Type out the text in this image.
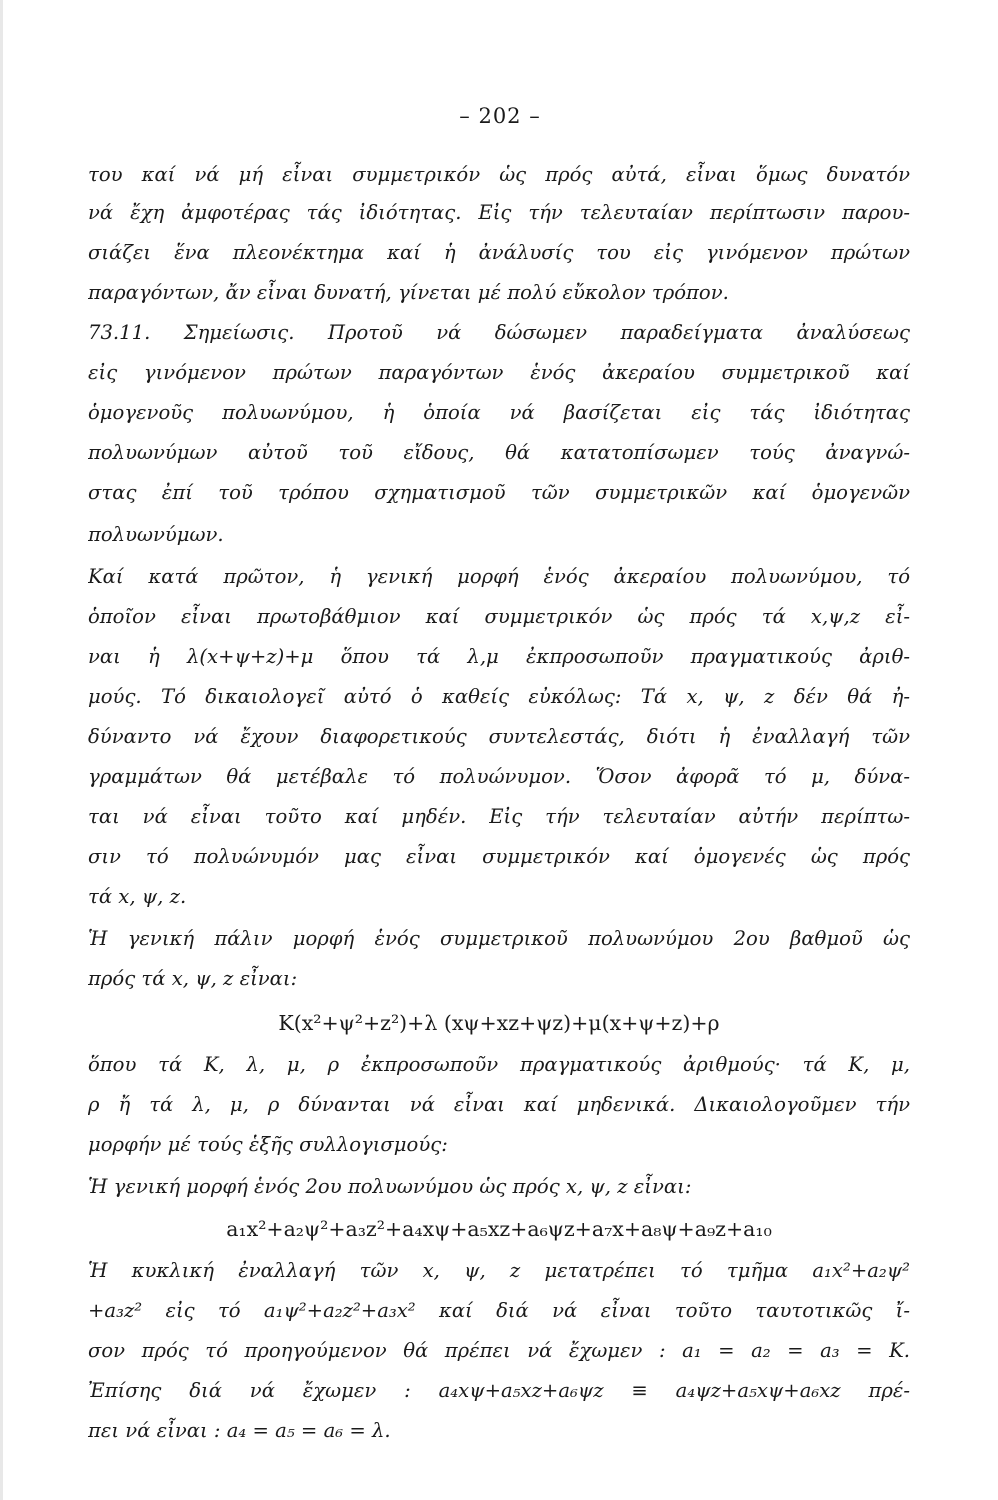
– 202 –
του καί νά μή εἶναι συμμετρικόν ὡς πρός αὐτά, εἶναι ὅμως δυνατόν
νά ἔχη ἀμφοτέρας τάς ἰδιότητας. Εἰς τήν τελευταίαν περίπτωσιν παρου-
σιάζει ἕνα πλεονέκτημα καί ἡ ἀνάλυσίς του εἰς γινόμενον πρώτων
παραγόντων, ἄν εἶναι δυνατή, γίνεται μέ πολύ εὔκολον τρόπον.
73.11. Σημείωσις. Προτοῦ νά δώσωμεν παραδείγματα ἀναλύσεως
εἰς γινόμενον πρώτων παραγόντων ἑνός ἀκεραίου συμμετρικοῦ καί
ὁμογενοῦς πολυωνύμου, ἡ ὁποία νά βασίζεται εἰς τάς ἰδιότητας
πολυωνύμων αὐτοῦ τοῦ εἴδους, θά κατατοπίσωμεν τούς ἀναγνώ-
στας ἐπί τοῦ τρόπου σχηματισμοῦ τῶν συμμετρικῶν καί ὁμογενῶν
πολυωνύμων.
Καί κατά πρῶτον, ἡ γενική μορφή ἑνός ἀκεραίου πολυωνύμου, τό
ὁποῖον εἶναι πρωτοβάθμιον καί συμμετρικόν ὡς πρός τά x,ψ,z εἶ-
ναι ἡ λ(x+ψ+z)+μ ὅπου τά λ,μ ἐκπροσωποῦν πραγματικούς ἀριθ-
μούς. Τό δικαιολογεῖ αὐτό ὁ καθείς εὐκόλως: Τά x, ψ, z δέν θά ἠ-
δύναντο νά ἔχουν διαφορετικούς συντελεστάς, διότι ἡ ἐναλλαγή τῶν
γραμμάτων θά μετέβαλε τό πολυώνυμον. Ὅσον ἀφορᾶ τό μ, δύνα-
ται νά εἶναι τοῦτο καί μηδέν. Εἰς τήν τελευταίαν αὐτήν περίπτω-
σιν τό πολυώνυμόν μας εἶναι συμμετρικόν καί ὁμογενές ὡς πρός
τά x, ψ, z.
Ἡ γενική πάλιν μορφή ἑνός συμμετρικοῦ πολυωνύμου 2ου βαθμοῦ ὡς
πρός τά x, ψ, z εἶναι:
K(x²+ψ²+z²)+λ (xψ+xz+ψz)+μ(x+ψ+z)+ρ
ὅπου τά K, λ, μ, ρ ἐκπροσωποῦν πραγματικούς ἀριθμούς· τά K, μ,
ρ ἤ τά λ, μ, ρ δύνανται νά εἶναι καί μηδενικά. Δικαιολογοῦμεν τήν
μορφήν μέ τούς ἑξῆς συλλογισμούς:
Ἡ γενική μορφή ἑνός 2ου πολυωνύμου ὡς πρός x, ψ, z εἶναι:
a₁x²+a₂ψ²+a₃z²+a₄xψ+a₅xz+a₆ψz+a₇x+a₈ψ+a₉z+a₁₀
Ἡ κυκλική ἐναλλαγή τῶν x, ψ, z μετατρέπει τό τμῆμα a₁x²+a₂ψ²
+a₃z² εἰς τό a₁ψ²+a₂z²+a₃x² καί διά νά εἶναι τοῦτο ταυτοτικῶς ἴ-
σον πρός τό προηγούμενον θά πρέπει νά ἔχωμεν : a₁ = a₂ = a₃ = K.
Ἐπίσης διά νά ἔχωμεν : a₄xψ+a₅xz+a₆ψz ≡ a₄ψz+a₅xψ+a₆xz πρέ-
πει νά εἶναι : a₄ = a₅ = a₆ = λ.
